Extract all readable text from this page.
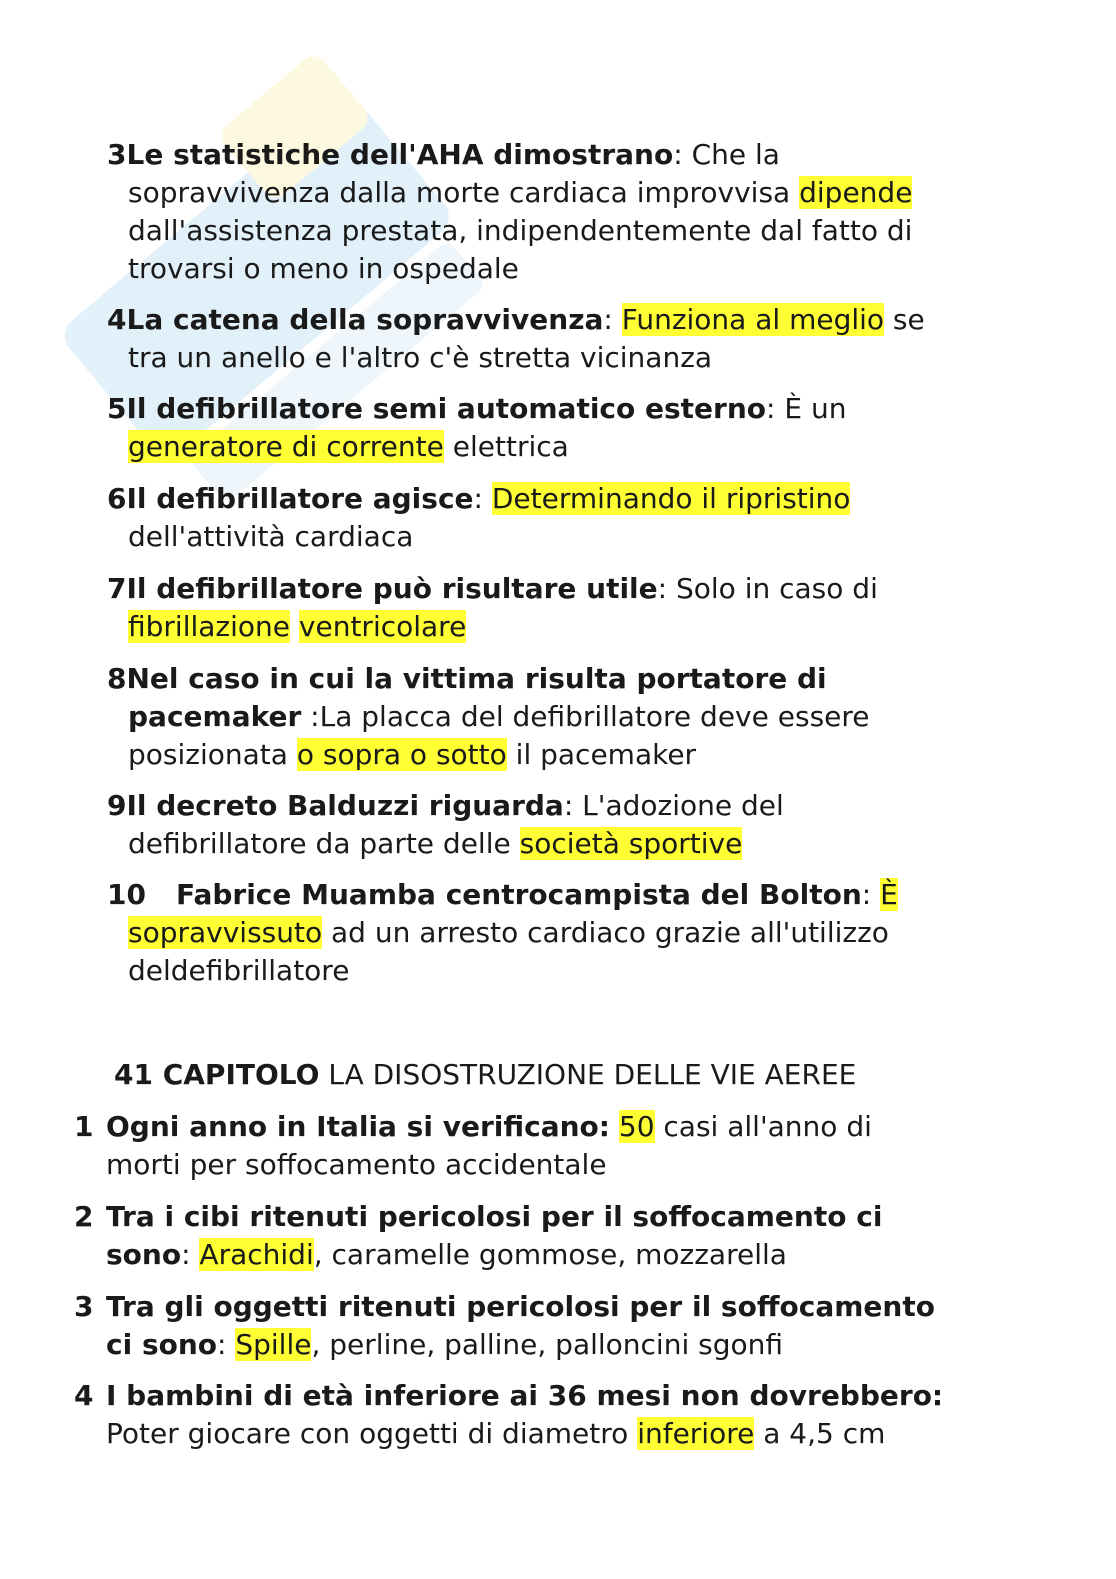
3Le statistiche dell'AHA dimostrano: Che la
sopravvivenza dalla morte cardiaca improvvisa dipende
dall'assistenza prestata, indipendentemente dal fatto di
trovarsi o meno in ospedale
4La catena della sopravvivenza: Funziona al meglio se
tra un anello e l'altro c'è stretta vicinanza
5Il defibrillatore semi automatico esterno: È un
generatore di corrente elettrica
6Il defibrillatore agisce: Determinando il ripristino
dell'attività cardiaca
7Il defibrillatore può risultare utile: Solo in caso di
fibrillazione ventricolare
8Nel caso in cui la vittima risulta portatore di
pacemaker :La placca del defibrillatore deve essere
posizionata o sopra o sotto il pacemaker
9Il decreto Balduzzi riguarda: L'adozione del
defibrillatore da parte delle società sportive
10 Fabrice Muamba centrocampista del Bolton: È
sopravvissuto ad un arresto cardiaco grazie all'utilizzo
deldefibrillatore
41 CAPITOLO LA DISOSTRUZIONE DELLE VIE AEREE
1 Ogni anno in Italia si verificano: 50 casi all'anno di
morti per soffocamento accidentale
2 Tra i cibi ritenuti pericolosi per il soffocamento ci
sono: Arachidi, caramelle gommose, mozzarella
3 Tra gli oggetti ritenuti pericolosi per il soffocamento
ci sono: Spille, perline, palline, palloncini sgonfi
4 I bambini di età inferiore ai 36 mesi non dovrebbero:
Poter giocare con oggetti di diametro inferiore a 4,5 cm
